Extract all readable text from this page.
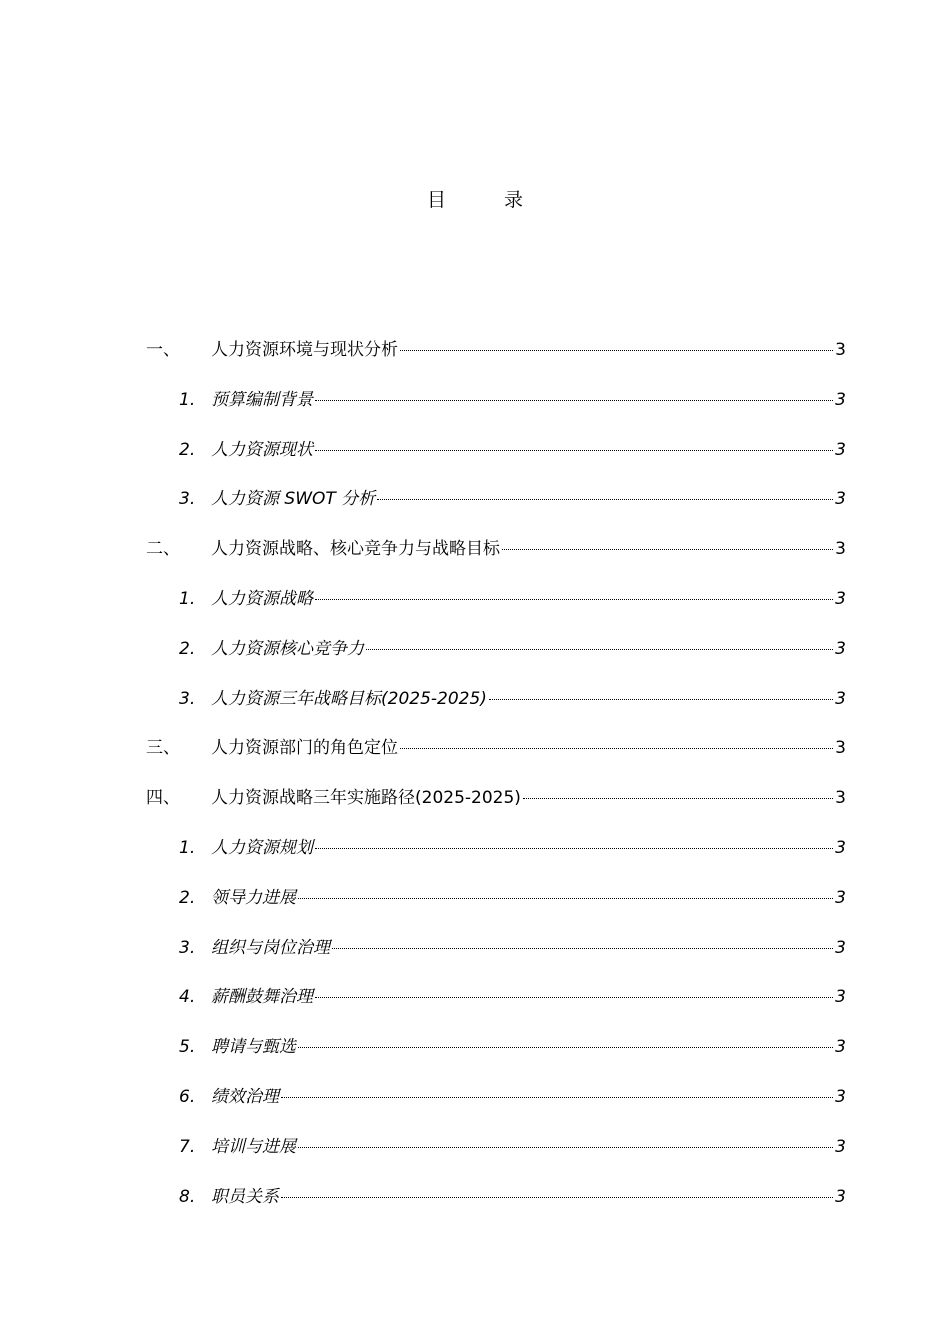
目 录
一、 人力资源环境与现状分析	3
1. 预算编制背景	3
2. 人力资源现状	3
3. 人力资源 SWOT 分析	3
二、 人力资源战略、核心竞争力与战略目标	3
1. 人力资源战略	3
2. 人力资源核心竞争力	3
3. 人力资源三年战略目标(2025-2025)	3
三、 人力资源部门的角色定位	3
四、 人力资源战略三年实施路径(2025-2025)	3
1. 人力资源规划	3
2. 领导力进展	3
3. 组织与岗位治理	3
4. 薪酬鼓舞治理	3
5. 聘请与甄选	3
6. 绩效治理	3
7. 培训与进展	3
8. 职员关系	3
